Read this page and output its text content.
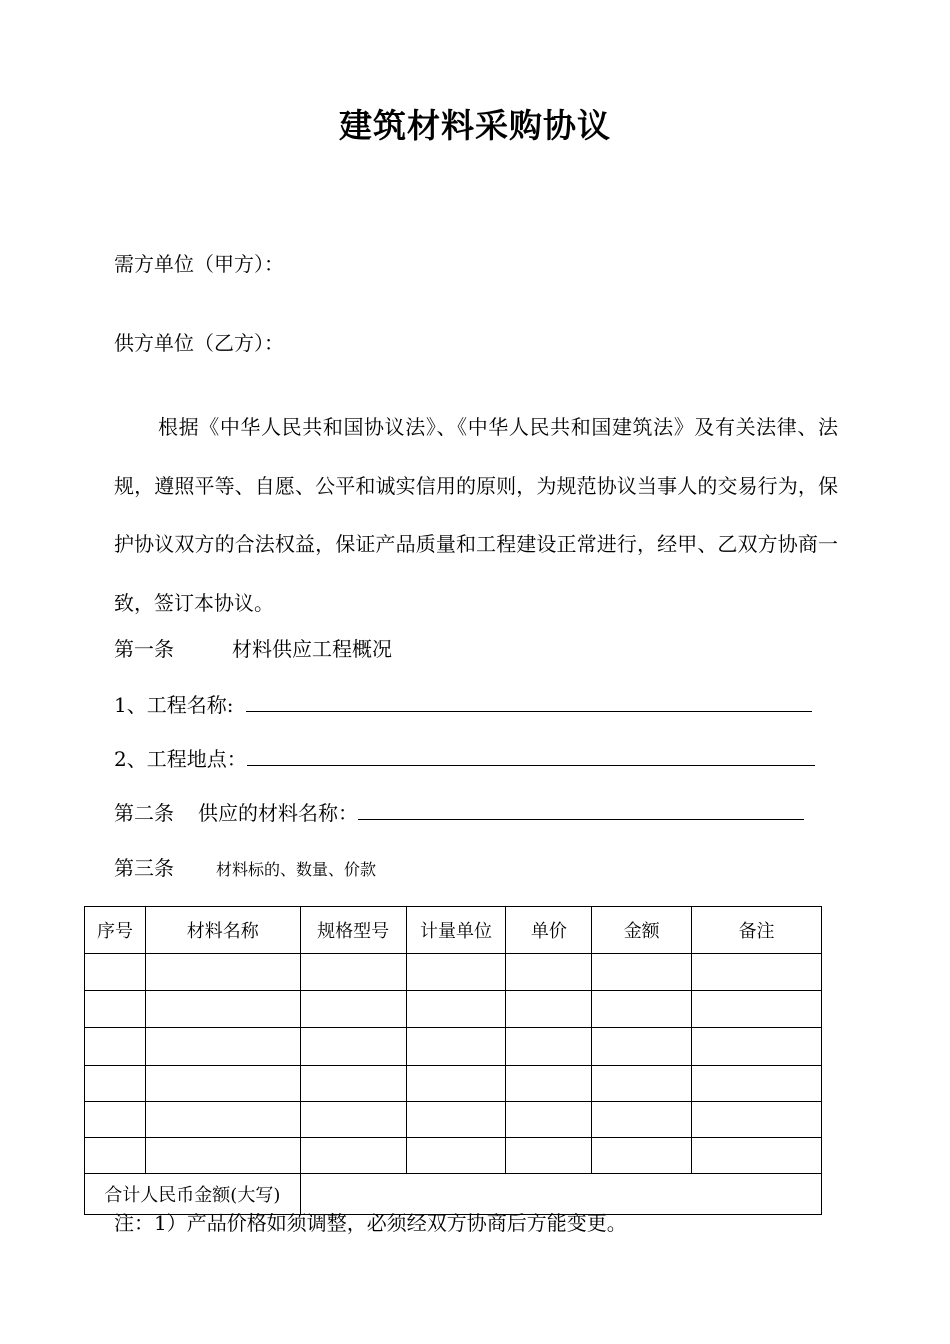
建筑材料采购协议
需方单位（甲方）：
供方单位（乙方）：
根据《中华人民共和国协议法》、《中华人民共和国建筑法》及有关法律、法规，遵照平等、自愿、公平和诚实信用的原则，为规范协议当事人的交易行为，保护协议双方的合法权益，保证产品质量和工程建设正常进行，经甲、乙双方协商一致，签订本协议。
第一条	材料供应工程概况
1、工程名称:
2、工程地点：
第二条 供应的材料名称：
第三条	材料标的、数量、价款
序号	材料名称	规格型号	计量单位	单价	金额	备注

合计人民币金额(大写)						
注：1）产品价格如须调整，必须经双方协商后方能变更。
